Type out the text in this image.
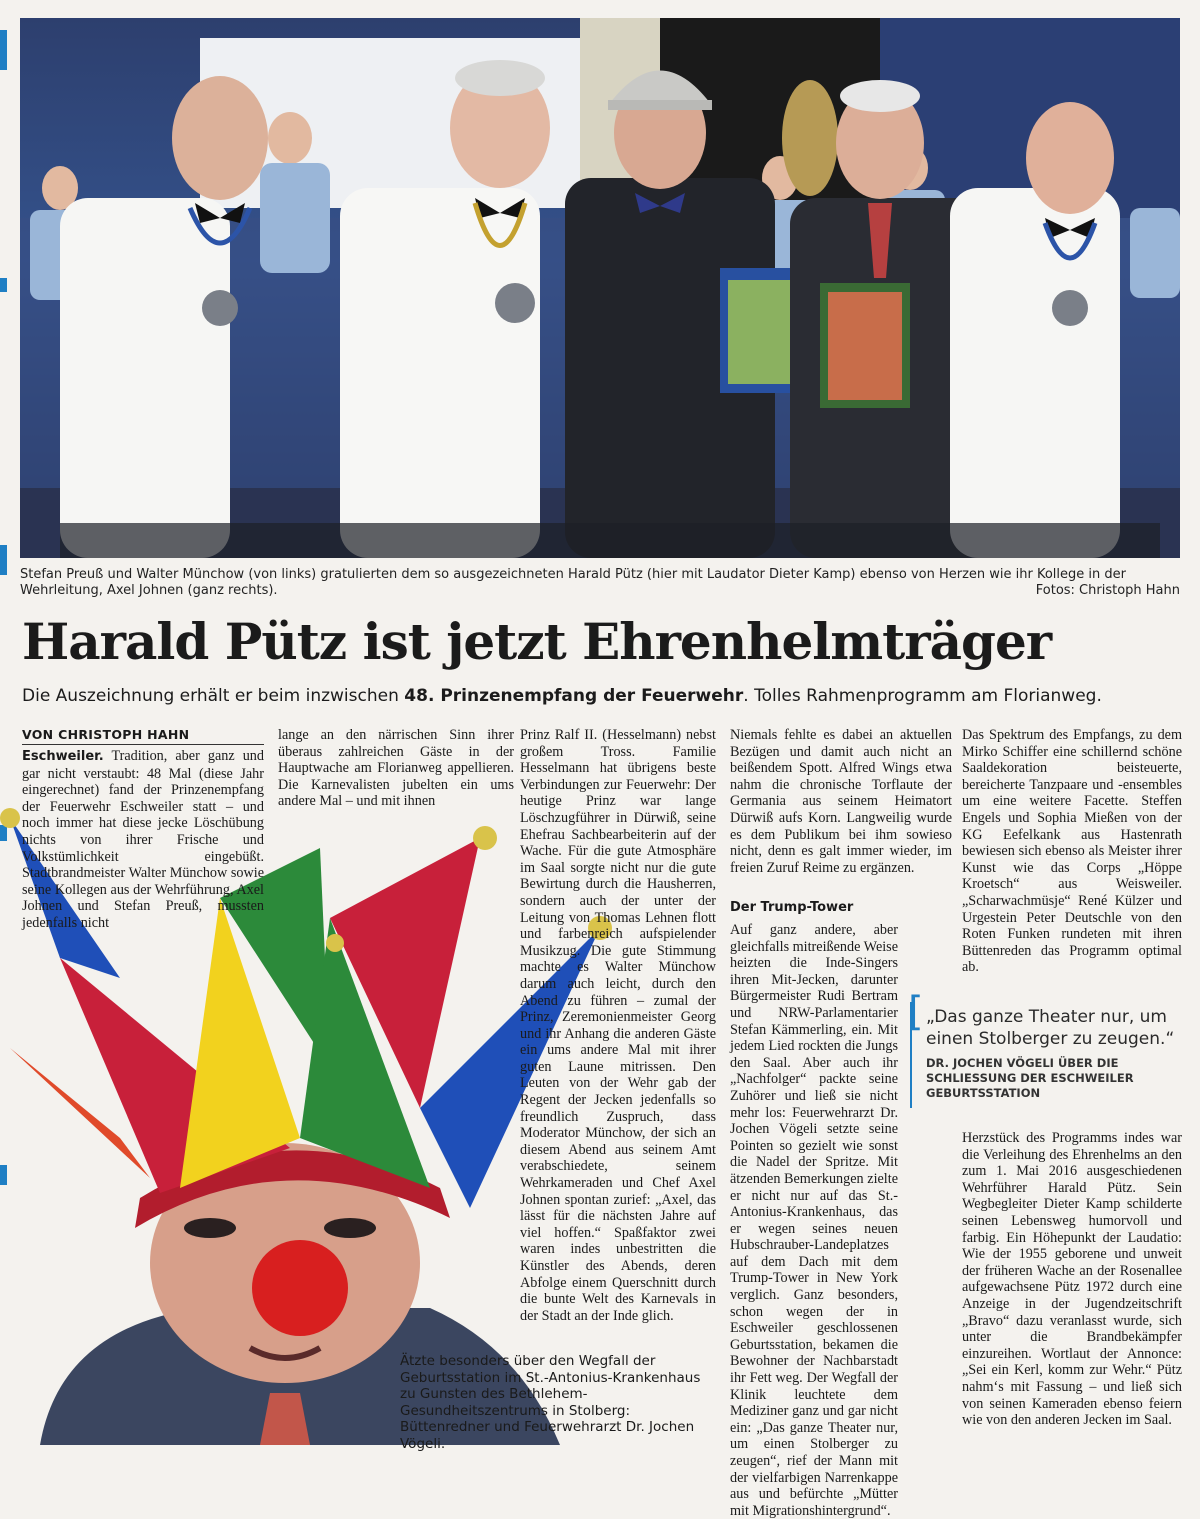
Stefan Preuß und Walter Münchow (von links) gratulierten dem so ausgezeichneten Harald Pütz (hier mit Laudator Dieter Kamp) ebenso von Herzen wie ihr Kollege in der Wehrleitung, Axel Johnen (ganz rechts).	Fotos: Christoph Hahn
Harald Pütz ist jetzt Ehrenhelmträger
Die Auszeichnung erhält er beim inzwischen 48. Prinzenempfang der Feuerwehr. Tolles Rahmenprogramm am Florianweg.
VON CHRISTOPH HAHN

Eschweiler. Tradition, aber ganz und gar nicht verstaubt: 48 Mal (diese Jahr eingerechnet) fand der Prinzenempfang der Feuerwehr Eschweiler statt – und noch immer hat diese jecke Löschübung nichts von ihrer Frische und Volkstümlichkeit eingebüßt. Stadtbrandmeister Walter Münchow sowie seine Kollegen aus der Wehrführung, Axel Johnen und Stefan Preuß, mussten jedenfalls nicht

lange an den närrischen Sinn ihrer überaus zahlreichen Gäste in der Hauptwache am Florianweg appellieren. Die Karnevalisten jubelten ein ums andere Mal – und mit ihnen

Prinz Ralf II. (Hesselmann) nebst großem Tross. Familie Hesselmann hat übrigens beste Verbindungen zur Feuerwehr: Der heutige Prinz war lange Löschzugführer in Dürwiß, seine Ehefrau Sachbearbeiterin auf der Wache. Für die gute Atmosphäre im Saal sorgte nicht nur die gute Bewirtung durch die Hausherren, sondern auch der unter der Leitung von Thomas Lehnen flott und farbenreich aufspielender Musikzug. Die gute Stimmung machte es Walter Münchow darum auch leicht, durch den Abend zu führen – zumal der Prinz, Zeremonienmeister Georg und ihr Anhang die anderen Gäste ein ums andere Mal mit ihrer guten Laune mitrissen. Den Leuten von der Wehr gab der Regent der Jecken jedenfalls so freundlich Zuspruch, dass Moderator Münchow, der sich an diesem Abend aus seinem Amt verabschiedete, seinem Wehrkameraden und Chef Axel Johnen spontan zurief: „Axel, das lässt für die nächsten Jahre auf viel hoffen.“ Spaßfaktor zwei waren indes unbestritten die Künstler des Abends, deren Abfolge einem Querschnitt durch die bunte Welt des Karnevals in der Stadt an der Inde glich.

Niemals fehlte es dabei an aktuellen Bezügen und damit auch nicht an beißendem Spott. Alfred Wings etwa nahm die chronische Torflaute der Germania aus seinem Heimatort Dürwiß aufs Korn. Langweilig wurde es dem Publikum bei ihm sowieso nicht, denn es galt immer wieder, im freien Zuruf Reime zu ergänzen.

Der Trump-Tower

Auf ganz andere, aber gleichfalls mitreißende Weise heizten die Inde-Singers ihren Mit-Jecken, darunter Bürgermeister Rudi Bertram und NRW-Parlamentarier Stefan Kämmerling, ein. Mit jedem Lied rockten die Jungs den Saal. Aber auch ihr „Nachfolger“ packte seine Zuhörer und ließ sie nicht mehr los: Feuerwehrarzt Dr. Jochen Vögeli setzte seine Pointen so gezielt wie sonst die Nadel der Spritze. Mit ätzenden Bemerkungen zielte er nicht nur auf das St.-Antonius-Krankenhaus, das er wegen seines neuen Hubschrauber-Landeplatzes auf dem Dach mit dem Trump-Tower in New York verglich. Ganz besonders, schon wegen der in Eschweiler geschlossenen Geburtsstation, bekamen die Bewohner der Nachbarstadt ihr Fett weg. Der Wegfall der Klinik leuchtete dem Mediziner ganz und gar nicht ein: „Das ganze Theater nur, um einen Stolberger zu zeugen“, rief der Mann mit der vielfarbigen Narrenkappe aus und befürchte „Mütter mit Migrationshintergrund“.

Das Spektrum des Empfangs, zu dem Mirko Schiffer eine schillernd schöne Saaldekoration beisteuerte, bereicherte Tanzpaare und -ensembles um eine weitere Facette. Steffen Engels und Sophia Mießen von der KG Eefelkank aus Hastenrath bewiesen sich ebenso als Meister ihrer Kunst wie das Corps „Höppe Kroetsch“ aus Weisweiler. „Scharwachmüsje“ René Külzer und Urgestein Peter Deutschle von den Roten Funken rundeten mit ihren Büttenreden das Programm optimal ab.

[ „Das ganze Theater nur, um einen Stolberger zu zeugen.“
DR. JOCHEN VÖGELI ÜBER DIE SCHLIESSUNG DER ESCHWEILER GEBURTSSTATION

Herzstück des Programms indes war die Verleihung des Ehrenhelms an den zum 1. Mai 2016 ausgeschiedenen Wehrführer Harald Pütz. Sein Wegbegleiter Dieter Kamp schilderte seinen Lebensweg humorvoll und farbig. Ein Höhepunkt der Laudatio: Wie der 1955 geborene und unweit der früheren Wache an der Rosenallee aufgewachsene Pütz 1972 durch eine Anzeige in der Jugendzeitschrift „Bravo“ dazu veranlasst wurde, sich unter die Brandbekämpfer einzureihen. Wortlaut der Annonce: „Sei ein Kerl, komm zur Wehr.“ Pütz nahm‘s mit Fassung – und ließ sich von seinen Kameraden ebenso feiern wie von den anderen Jecken im Saal.

Ätzte besonders über den Wegfall der Geburtsstation im St.-Antonius-Krankenhaus zu Gunsten des Bethlehem-Gesundheitszentrums in Stolberg: Büttenredner und Feuerwehrarzt Dr. Jochen Vögeli.
